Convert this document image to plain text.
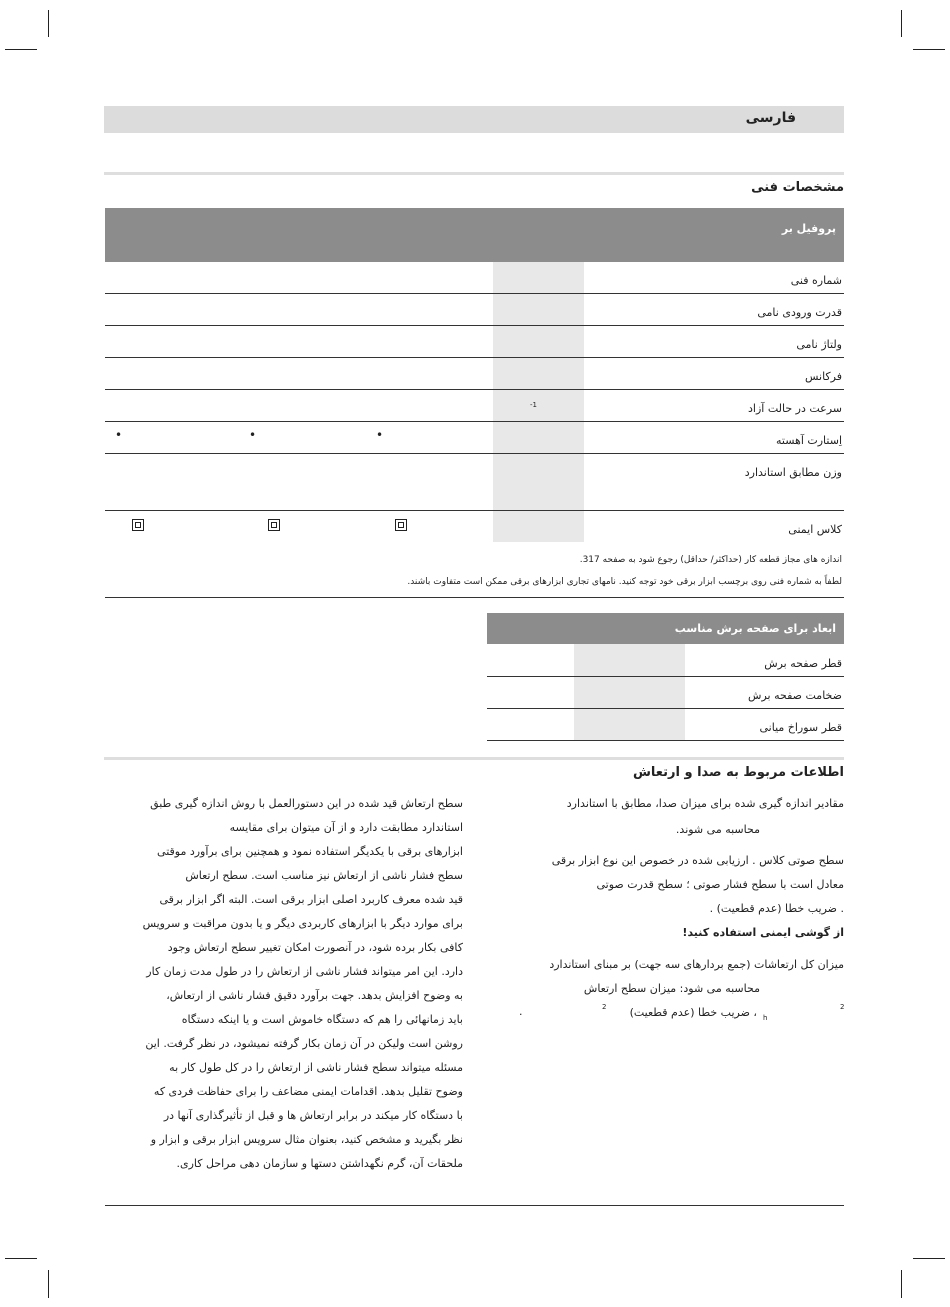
فارسی
مشخصات فنی
پروفیل بر
شماره فنی
قدرت ورودی نامی
ولتاژ نامی
فرکانس
سرعت در حالت آزاد
-1
اِستارت آهسته
•
•
•
وزن مطابق استاندارد
کلاس ایمنی
اندازه های مجاز قطعه کار (حداکثر/ حداقل) رجوع شود به صفحه 317.
لطفاً به شماره فنی روی برچسب ابزار برقی خود توجه کنید. نامهای تجاری ابزارهای برقی ممکن است متفاوت باشند.
ابعاد برای صفحه برش مناسب
قطر صفحه برش
ضخامت صفحه برش
قطر سوراخ میانی
اطلاعات مربوط به صدا و ارتعاش
مقادیر اندازه گیری شده برای میزان صدا، مطابق با استاندارد
محاسبه می شوند.
سطح صوتی کلاس . ارزیابی شده در خصوص این نوع ابزار برقی
معادل است با سطح فشار صوتی ؛ سطح قدرت صوتی
. ضریب خطا (عدم قطعیت) .
از گوشی ایمنی استفاده کنید!
میزان کل ارتعاشات (جمع بردارهای سه جهت) بر مبنای استاندارد
محاسبه می شود: میزان سطح ارتعاش
، ضریب خطا (عدم قطعیت)
2
h
2
.
سطح ارتعاش قید شده در این دستورالعمل با روش اندازه گیری طبق
استاندارد مطابقت دارد و از آن میتوان برای مقایسه
ابزارهای برقی با یکدیگر استفاده نمود و همچنین برای برآورد موقتی
سطح فشار ناشی از ارتعاش نیز مناسب است. سطح ارتعاش
قید شده معرف کاربرد اصلی ابزار برقی است. البته اگر ابزار برقی
برای موارد دیگر با ابزارهای کاربردی دیگر و یا بدون مراقبت و سرویس
کافی بکار برده شود، در آنصورت امکان تغییر سطح ارتعاش وجود
دارد. این امر میتواند فشار ناشی از ارتعاش را در طول مدت زمان کار
به وضوح افزایش بدهد. جهت برآورد دقیق فشار ناشی از ارتعاش،
باید زمانهائی را هم که دستگاه خاموش است و یا اینکه دستگاه
روشن است ولیکن در آن زمان بکار گرفته نمیشود، در نظر گرفت. این
مسئله میتواند سطح فشار ناشی از ارتعاش را در کل طول کار به
وضوح تقلیل بدهد. اقدامات ایمنی مضاعف را برای حفاظت فردی که
با دستگاه کار میکند در برابر ارتعاش ها و قبل از تأثیرگذاری آنها در
نظر بگیرید و مشخص کنید، بعنوان مثال سرویس ابزار برقی و ابزار و
ملحقات آن، گرم نگهداشتن دستها و سازمان دهی مراحل کاری.
